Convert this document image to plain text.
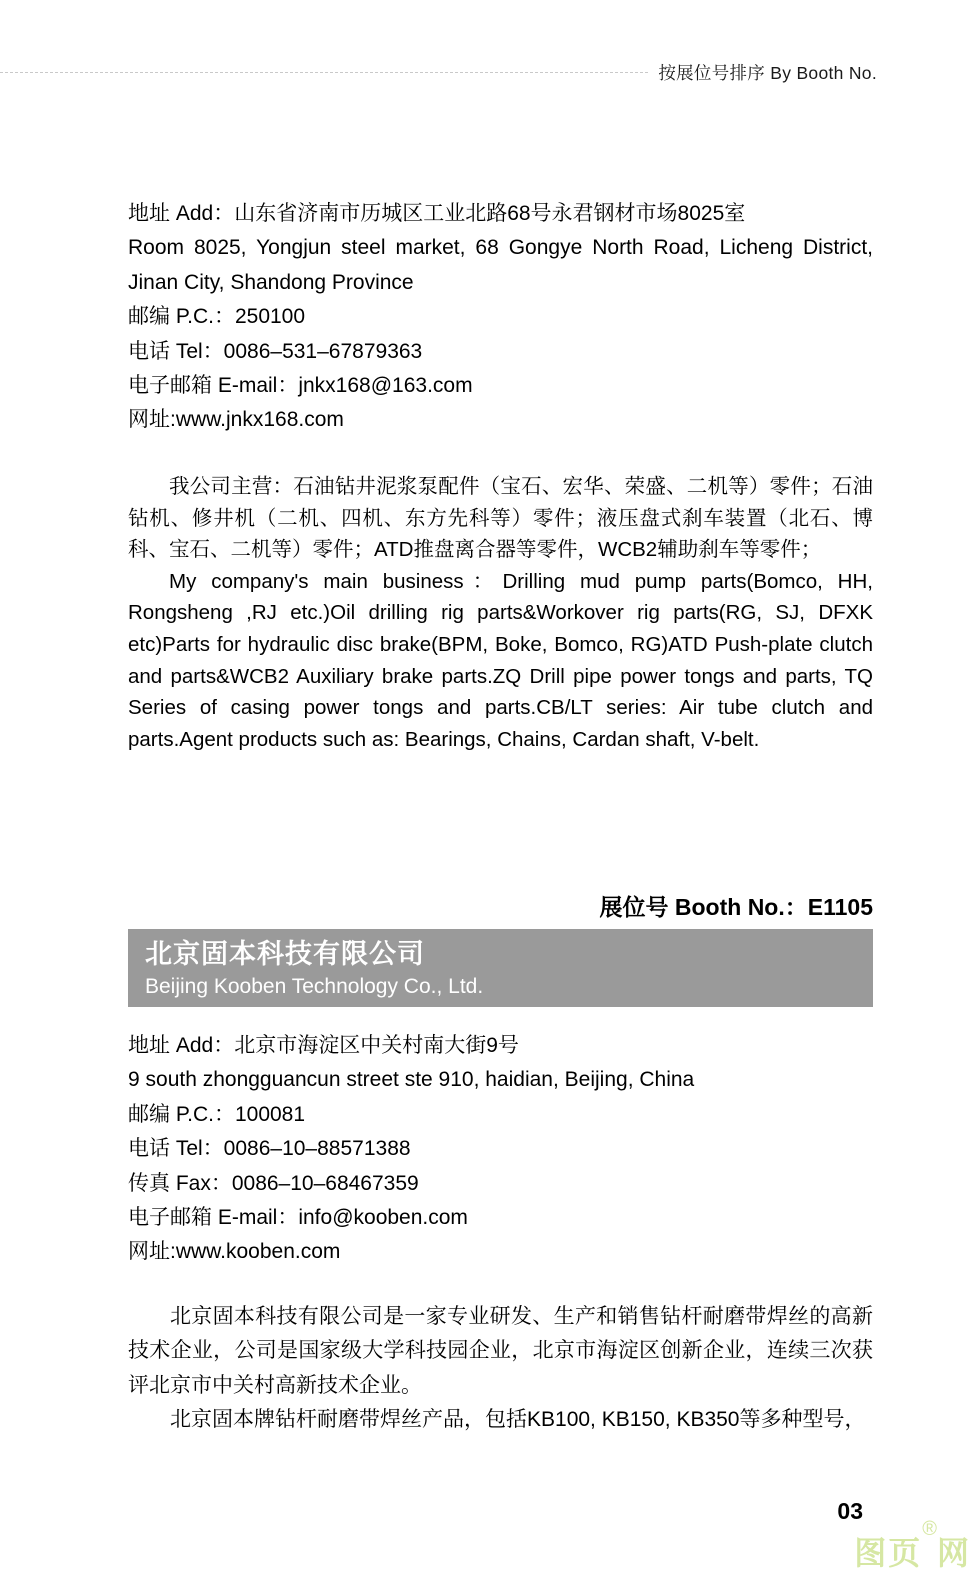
按展位号排序 By Booth No.
地址 Add：山东省济南市历城区工业北路68号永君钢材市场8025室
Room 8025, Yongjun steel market, 68 Gongye North Road, Licheng District, Jinan City, Shandong Province
邮编 P.C.：250100
电话 Tel：0086–531–67879363
电子邮箱 E-mail：jnkx168@163.com
网址:www.jnkx168.com

我公司主营：石油钻井泥浆泵配件（宝石、宏华、荣盛、二机等）零件；石油钻机、修井机（二机、四机、东方先科等）零件；液压盘式刹车装置（北石、博科、宝石、二机等）零件；ATD推盘离合器等零件，WCB2辅助刹车等零件；

My company's main business：Drilling mud pump parts(Bomco, HH, Rongsheng ,RJ etc.)Oil drilling rig parts&Workover rig parts(RG, SJ, DFXK etc)Parts for hydraulic disc brake(BPM, Boke, Bomco, RG)ATD Push-plate clutch and parts&WCB2 Auxiliary brake parts.ZQ Drill pipe power tongs and parts, TQ Series of casing power tongs and parts.CB/LT series: Air tube clutch and parts.Agent products such as: Bearings, Chains, Cardan shaft, V-belt.

展位号 Booth No.：E1105
北京固本科技有限公司
Beijing Kooben Technology Co., Ltd.
地址 Add：北京市海淀区中关村南大街9号
9 south zhongguancun street ste 910, haidian, Beijing, China
邮编 P.C.：100081
电话 Tel：0086–10–88571388
传真 Fax：0086–10–68467359
电子邮箱 E-mail：info@kooben.com
网址:www.kooben.com

北京固本科技有限公司是一家专业研发、生产和销售钻杆耐磨带焊丝的高新技术企业，公司是国家级大学科技园企业，北京市海淀区创新企业，连续三次获评北京市中关村高新技术企业。

北京固本牌钻杆耐磨带焊丝产品，包括KB100, KB150, KB350等多种型号，

03
图页®网
